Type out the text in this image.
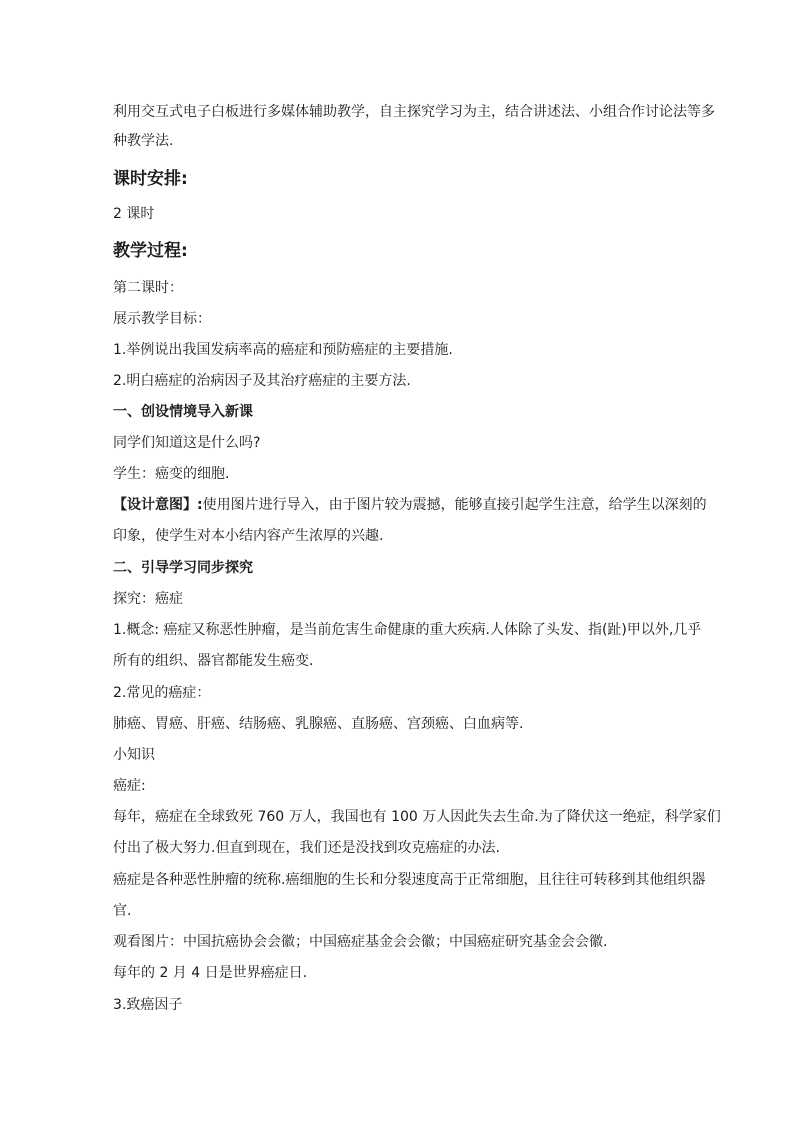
利用交互式电子白板进行多媒体辅助教学，自主探究学习为主，结合讲述法、小组合作讨论法等多
种教学法.
课时安排:
2 课时
教学过程:
第二课时：
展示教学目标：
1.举例说出我国发病率高的癌症和预防癌症的主要措施.
2.明白癌症的治病因子及其治疗癌症的主要方法.
一、创设情境导入新课
同学们知道这是什么吗?
学生：癌变的细胞.
【设计意图】:使用图片进行导入，由于图片较为震撼，能够直接引起学生注意，给学生以深刻的
印象，使学生对本小结内容产生浓厚的兴趣.
二、引导学习同步探究
探究：癌症
1.概念: 癌症又称恶性肿瘤，是当前危害生命健康的重大疾病.人体除了头发、指(趾)甲以外,几乎
所有的组织、器官都能发生癌变.
2.常见的癌症：
肺癌、胃癌、肝癌、结肠癌、乳腺癌、直肠癌、宫颈癌、白血病等.
小知识
癌症:
每年，癌症在全球致死 760 万人，我国也有 100 万人因此失去生命.为了降伏这一绝症，科学家们
付出了极大努力.但直到现在，我们还是没找到攻克癌症的办法.
癌症是各种恶性肿瘤的统称.癌细胞的生长和分裂速度高于正常细胞，且往往可转移到其他组织器
官.
观看图片：中国抗癌协会会徽；中国癌症基金会会徽；中国癌症研究基金会会徽.
每年的 2 月 4 日是世界癌症日.
3.致癌因子
